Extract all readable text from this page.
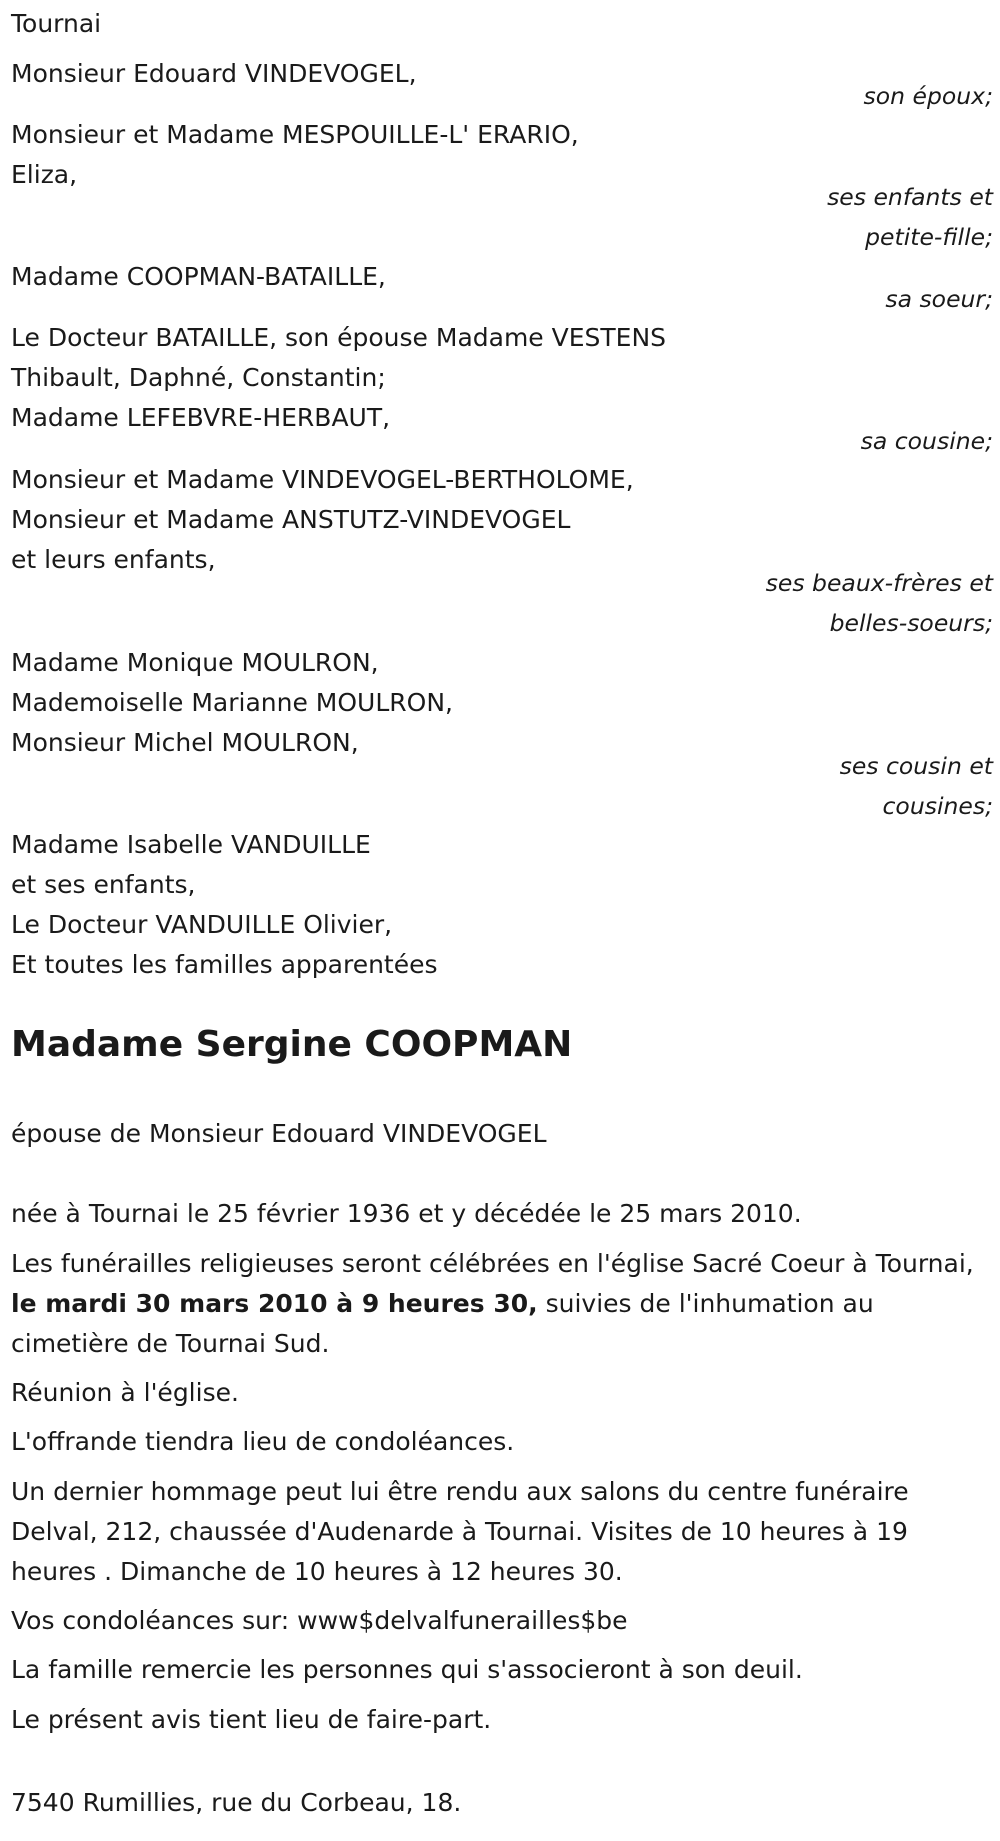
Tournai
Monsieur Edouard VINDEVOGEL,
son époux;
Monsieur et Madame MESPOUILLE-L' ERARIO,
Eliza,
ses enfants et
petite-fille;
Madame COOPMAN-BATAILLE,
sa soeur;
Le Docteur BATAILLE, son épouse Madame VESTENS
Thibault, Daphné, Constantin;
Madame LEFEBVRE-HERBAUT,
sa cousine;
Monsieur et Madame VINDEVOGEL-BERTHOLOME,
Monsieur et Madame ANSTUTZ-VINDEVOGEL
et leurs enfants,
ses beaux-frères et
belles-soeurs;
Madame Monique MOULRON,
Mademoiselle Marianne MOULRON,
Monsieur Michel MOULRON,
ses cousin et
cousines;
Madame Isabelle VANDUILLE
et ses enfants,
Le Docteur VANDUILLE Olivier,
Et toutes les familles apparentées
Madame Sergine COOPMAN
épouse de Monsieur Edouard VINDEVOGEL
née à Tournai le 25 février 1936 et y décédée le 25 mars 2010.
Les funérailles religieuses seront célébrées en l'église Sacré Coeur à Tournai, le mardi 30 mars 2010 à 9 heures 30, suivies de l'inhumation au cimetière de Tournai Sud.
Réunion à l'église.
L'offrande tiendra lieu de condoléances.
Un dernier hommage peut lui être rendu aux salons du centre funéraire Delval, 212, chaussée d'Audenarde à Tournai. Visites de 10 heures à 19 heures . Dimanche de 10 heures à 12 heures 30.
Vos condoléances sur: www$delvalfunerailles$be
La famille remercie les personnes qui s'associeront à son deuil.
Le présent avis tient lieu de faire-part.
7540 Rumillies, rue du Corbeau, 18.
